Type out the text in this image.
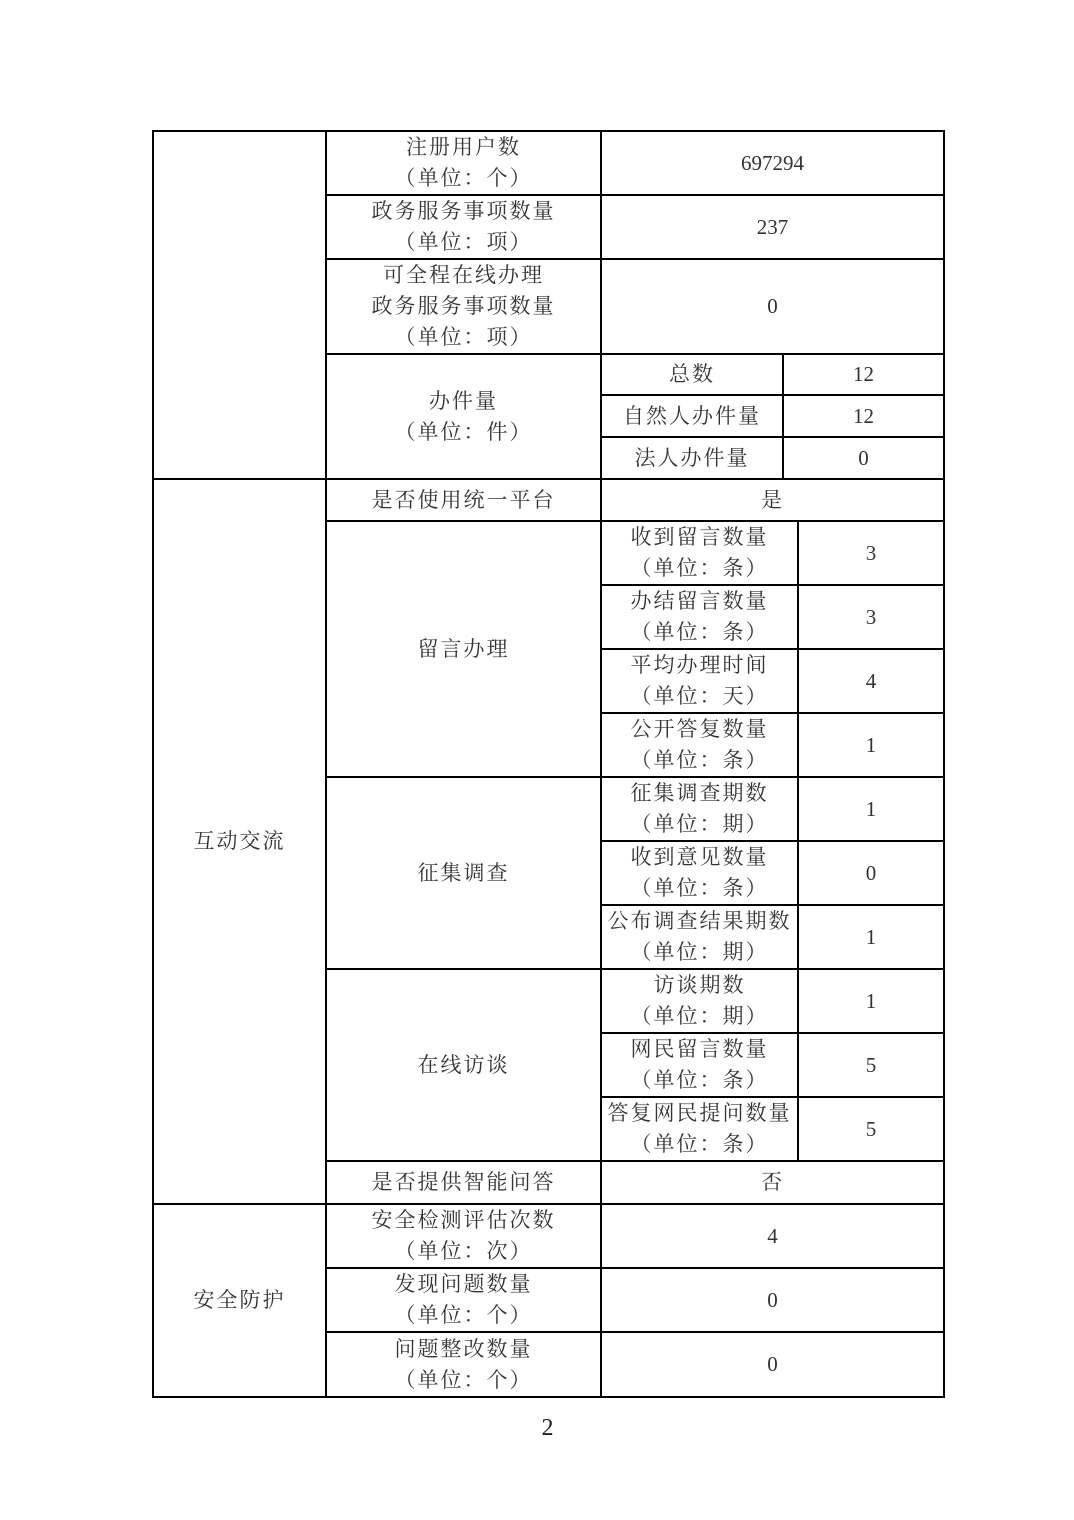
	注册用户数
（单位：个）	697294		

	政务服务事项数量
（单位：项）	237		

	可全程在线办理
政务服务事项数量
（单位：项）	0		

	办件量
（单位：件）	总数	12	

		自然人办件量	12	

		法人办件量	0	

互动交流	是否使用统一平台	是		

	留言办理	收到留言数量
（单位：条）		3

		办结留言数量
（单位：条）		3

		平均办理时间
（单位：天）		4

		公开答复数量
（单位：条）		1

	征集调查	征集调查期数
（单位：期）		1

		收到意见数量
（单位：条）		0

		公布调查结果期数
（单位：期）		1

	在线访谈	访谈期数
（单位：期）		1

		网民留言数量
（单位：条）		5

		答复网民提问数量
（单位：条）		5

	是否提供智能问答	否		

安全防护	安全检测评估次数
（单位：次）	4		

	发现问题数量
（单位：个）	0		

	问题整改数量
（单位：个）	0		
2
